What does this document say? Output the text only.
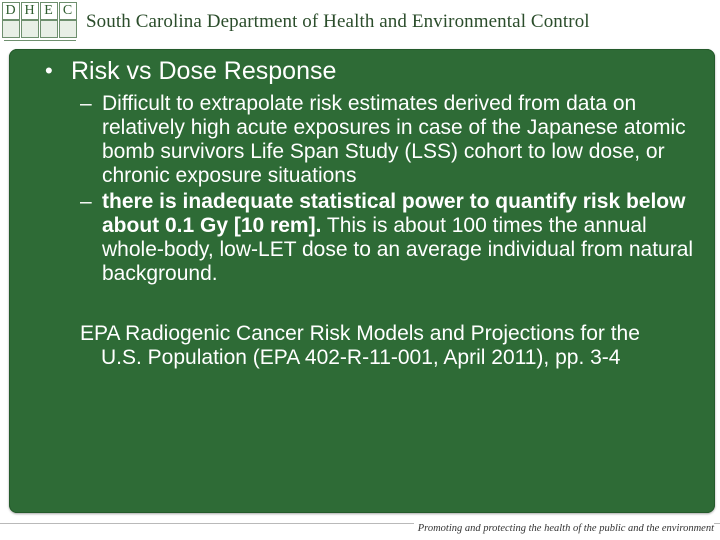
D H E C
South Carolina Department of Health and Environmental Control
• Risk vs Dose Response
– Difficult to extrapolate risk estimates derived from data on relatively high acute exposures in case of the Japanese atomic bomb survivors Life Span Study (LSS) cohort to low dose, or chronic exposure situations
– there is inadequate statistical power to quantify risk below about 0.1 Gy [10 rem]. This is about 100 times the annual whole-body, low-LET dose to an average individual from natural background.
EPA Radiogenic Cancer Risk Models and Projections for the U.S. Population (EPA 402-R-11-001, April 2011), pp. 3-4
Promoting and protecting the health of the public and the environment
